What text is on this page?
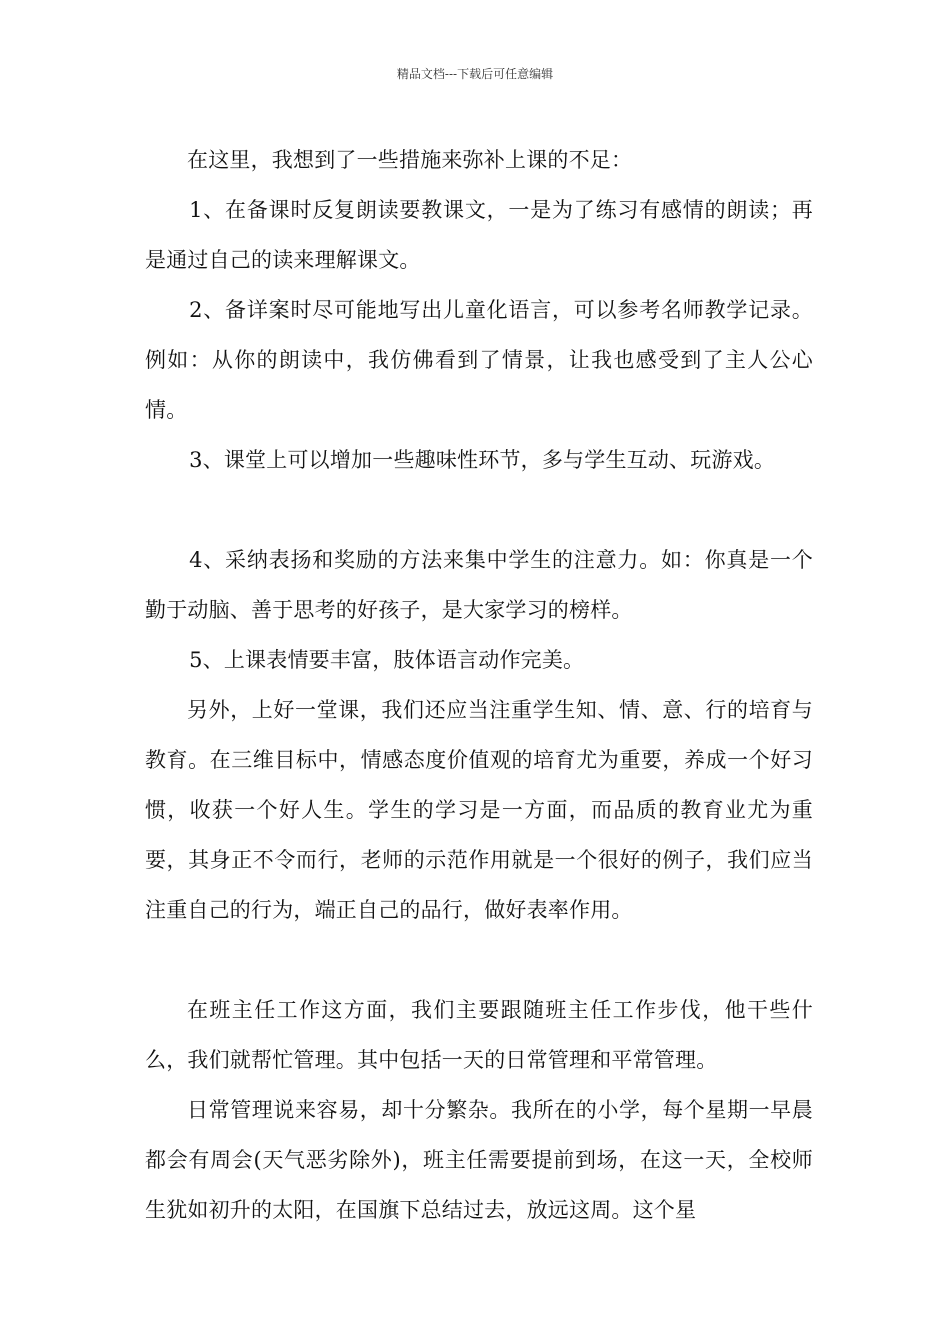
精品文档---下载后可任意编辑

在这里，我想到了一些措施来弥补上课的不足：

1、在备课时反复朗读要教课文，一是为了练习有感情的朗读；再是通过自己的读来理解课文。

2、备详案时尽可能地写出儿童化语言，可以参考名师教学记录。例如：从你的朗读中，我仿佛看到了情景，让我也感受到了主人公心情。

3、课堂上可以增加一些趣味性环节，多与学生互动、玩游戏。

4、采纳表扬和奖励的方法来集中学生的注意力。如：你真是一个勤于动脑、善于思考的好孩子，是大家学习的榜样。

5、上课表情要丰富，肢体语言动作完美。

另外，上好一堂课，我们还应当注重学生知、情、意、行的培育与教育。在三维目标中，情感态度价值观的培育尤为重要，养成一个好习惯，收获一个好人生。学生的学习是一方面，而品质的教育业尤为重要，其身正不令而行，老师的示范作用就是一个很好的例子，我们应当注重自己的行为，端正自己的品行，做好表率作用。

在班主任工作这方面，我们主要跟随班主任工作步伐，他干些什么，我们就帮忙管理。其中包括一天的日常管理和平常管理。

日常管理说来容易，却十分繁杂。我所在的小学，每个星期一早晨都会有周会(天气恶劣除外)，班主任需要提前到场，在这一天，全校师生犹如初升的太阳，在国旗下总结过去，放远这周。这个星
